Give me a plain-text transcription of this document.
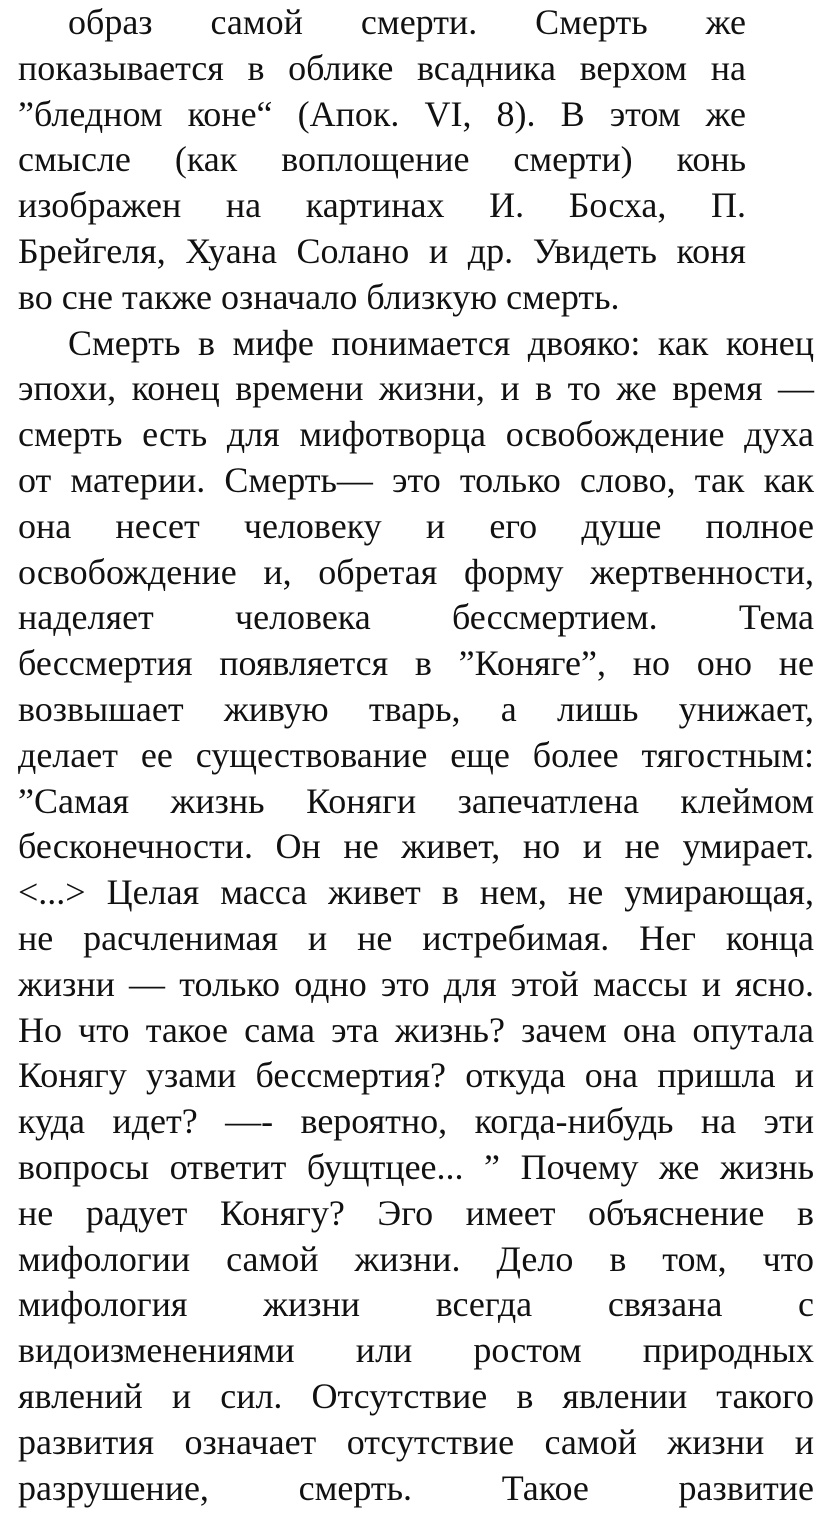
образ самой смерти. Смерть же
показывается в облике всадника верхом на
”бледном коне“ (Апок. VI, 8). В этом же
смысле (как воплощение смерти) конь
изображен на картинах И. Босха, П.
Брейгеля, Хуана Солано и др. Увидеть коня
во сне также означало близкую смерть.
Смерть в мифе понимается двояко: как конец
эпохи, конец времени жизни, и в то же время —
смерть есть для мифотворца освобождение духа
от материи. Смерть— это только слово, так как
она несет человеку и его душе полное
освобождение и, обретая форму жертвенности,
наделяет человека бессмертием. Тема
бессмертия появляется в ”Коняге”, но оно не
возвышает живую тварь, а лишь унижает,
делает ее существование еще более тягостным:
”Самая жизнь Коняги запечатлена клеймом
бесконечности. Он не живет, но и не умирает.
<...> Целая масса живет в нем, не умирающая,
не расчленимая и не истребимая. Нег конца
жизни — только одно это для этой массы и ясно.
Но что такое сама эта жизнь? зачем она опутала
Конягу узами бессмертия? откуда она пришла и
куда идет? —- вероятно, когда-нибудь на эти
вопросы ответит бущтцее... ” Почему же жизнь
не радует Конягу? Эго имеет объяснение в
мифологии самой жизни. Дело в том, что
мифология жизни всегда связана с
видоизменениями или ростом природных
явлений и сил. Отсутствие в явлении такого
развития означает отсутствие самой жизни и
разрушение, смерть. Такое развитие
